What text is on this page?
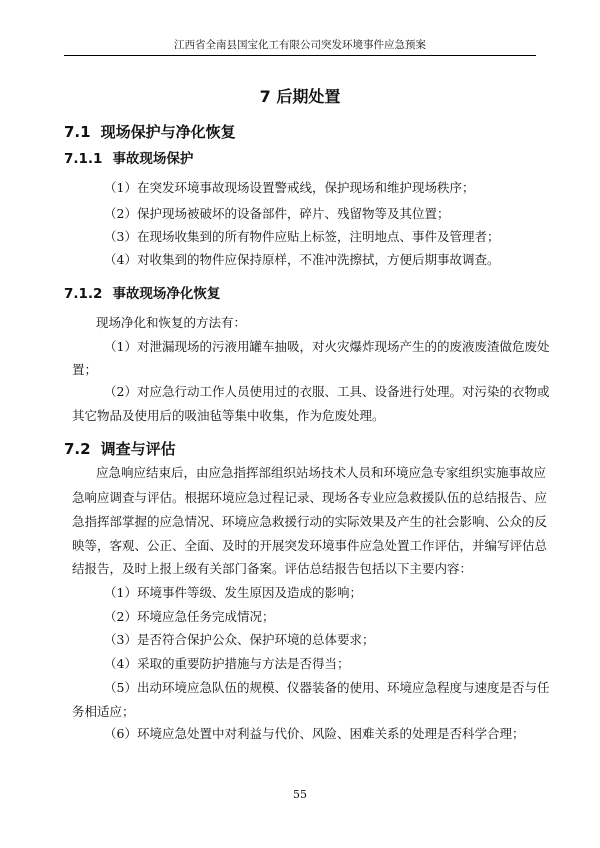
江西省全南县国宝化工有限公司突发环境事件应急预案
7 后期处置
7.1 现场保护与净化恢复
7.1.1 事故现场保护
（1）在突发环境事故现场设置警戒线，保护现场和维护现场秩序；
（2）保护现场被破坏的设备部件，碎片、残留物等及其位置；
（3）在现场收集到的所有物件应贴上标签，注明地点、事件及管理者；
（4）对收集到的物件应保持原样，不准冲洗擦拭，方便后期事故调查。
7.1.2 事故现场净化恢复
现场净化和恢复的方法有：
（1）对泄漏现场的污液用罐车抽吸，对火灾爆炸现场产生的的废液废渣做危废处
置；
（2）对应急行动工作人员使用过的衣服、工具、设备进行处理。对污染的衣物或
其它物品及使用后的吸油毡等集中收集，作为危废处理。
7.2 调查与评估
应急响应结束后，由应急指挥部组织站场技术人员和环境应急专家组织实施事故应
急响应调查与评估。根据环境应急过程记录、现场各专业应急救援队伍的总结报告、应
急指挥部掌握的应急情况、环境应急救援行动的实际效果及产生的社会影响、公众的反
映等，客观、公正、全面、及时的开展突发环境事件应急处置工作评估，并编写评估总
结报告，及时上报上级有关部门备案。评估总结报告包括以下主要内容：
（1）环境事件等级、发生原因及造成的影响；
（2）环境应急任务完成情况；
（3）是否符合保护公众、保护环境的总体要求；
（4）采取的重要防护措施与方法是否得当；
（5）出动环境应急队伍的规模、仪器装备的使用、环境应急程度与速度是否与任
务相适应；
（6）环境应急处置中对利益与代价、风险、困难关系的处理是否科学合理；
55
